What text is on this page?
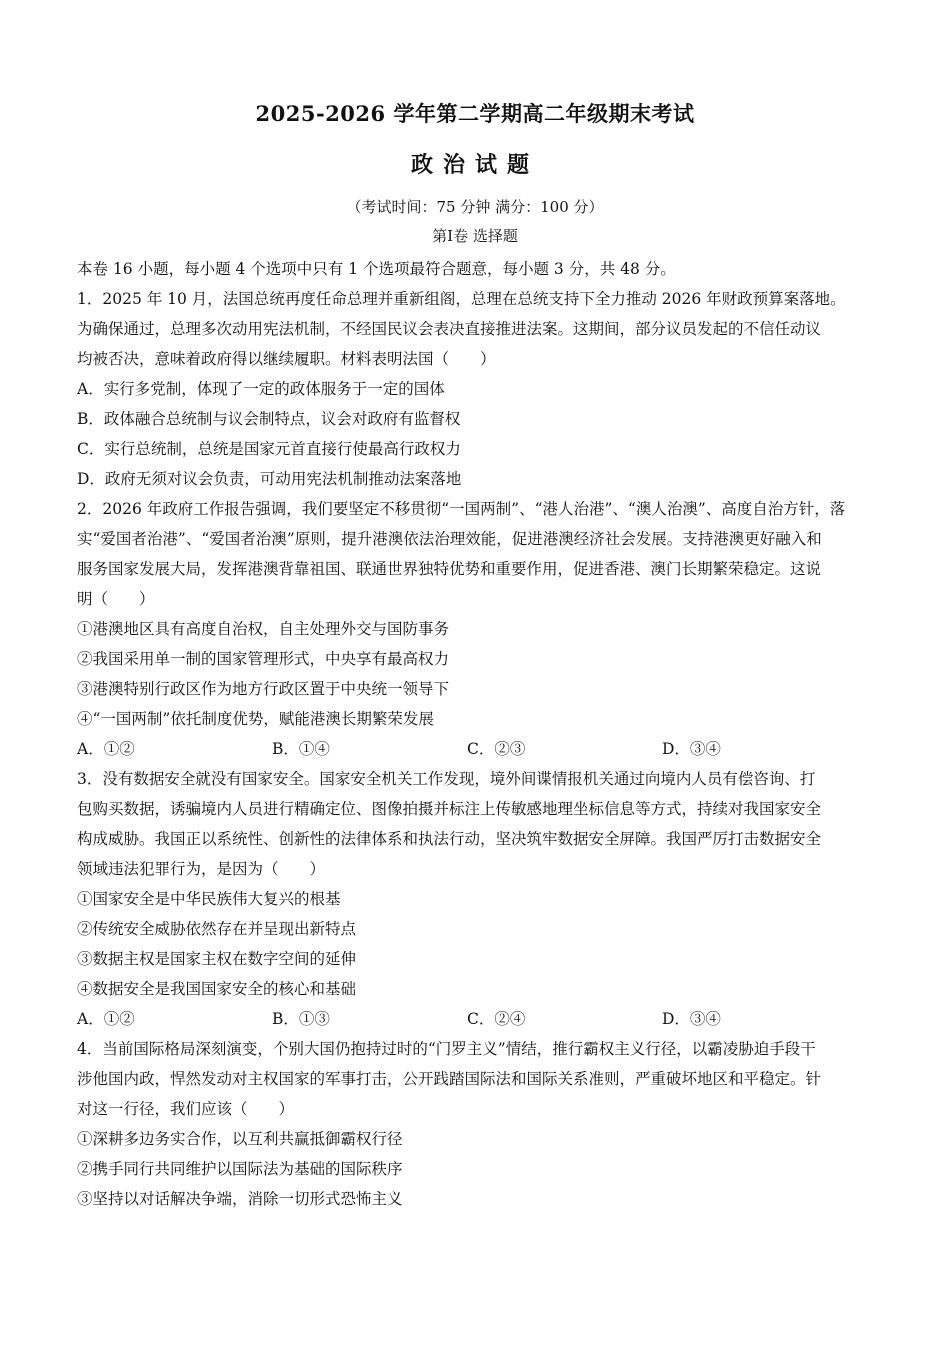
2025-2026 学年第二学期高二年级期末考试
政治试题
（考试时间：75 分钟 满分：100 分）
第Ⅰ卷 选择题
本卷 16 小题，每小题 4 个选项中只有 1 个选项最符合题意，每小题 3 分，共 48 分。
1．2025 年 10 月，法国总统再度任命总理并重新组阁，总理在总统支持下全力推动 2026 年财政预算案落地。
为确保通过，总理多次动用宪法机制，不经国民议会表决直接推进法案。这期间，部分议员发起的不信任动议
均被否决，意味着政府得以继续履职。材料表明法国（　　）
A．实行多党制，体现了一定的政体服务于一定的国体
B．政体融合总统制与议会制特点，议会对政府有监督权
C．实行总统制，总统是国家元首直接行使最高行政权力
D．政府无须对议会负责，可动用宪法机制推动法案落地
2．2026 年政府工作报告强调，我们要坚定不移贯彻“一国两制”、“港人治港”、“澳人治澳”、高度自治方针，落
实“爱国者治港”、“爱国者治澳”原则，提升港澳依法治理效能，促进港澳经济社会发展。支持港澳更好融入和
服务国家发展大局，发挥港澳背靠祖国、联通世界独特优势和重要作用，促进香港、澳门长期繁荣稳定。这说
明（　　）
①港澳地区具有高度自治权，自主处理外交与国防事务
②我国采用单一制的国家管理形式，中央享有最高权力
③港澳特别行政区作为地方行政区置于中央统一领导下
④“一国两制”依托制度优势，赋能港澳长期繁荣发展
A．①②	B．①④	C．②③	D．③④
3．没有数据安全就没有国家安全。国家安全机关工作发现，境外间谍情报机关通过向境内人员有偿咨询、打
包购买数据，诱骗境内人员进行精确定位、图像拍摄并标注上传敏感地理坐标信息等方式，持续对我国家安全
构成威胁。我国正以系统性、创新性的法律体系和执法行动，坚决筑牢数据安全屏障。我国严厉打击数据安全
领域违法犯罪行为，是因为（　　）
①国家安全是中华民族伟大复兴的根基
②传统安全威胁依然存在并呈现出新特点
③数据主权是国家主权在数字空间的延伸
④数据安全是我国国家安全的核心和基础
A．①②	B．①③	C．②④	D．③④
4．当前国际格局深刻演变，个别大国仍抱持过时的“门罗主义”情结，推行霸权主义行径，以霸凌胁迫手段干
涉他国内政，悍然发动对主权国家的军事打击，公开践踏国际法和国际关系准则，严重破坏地区和平稳定。针
对这一行径，我们应该（　　）
①深耕多边务实合作，以互利共赢抵御霸权行径
②携手同行共同维护以国际法为基础的国际秩序
③坚持以对话解决争端，消除一切形式恐怖主义
